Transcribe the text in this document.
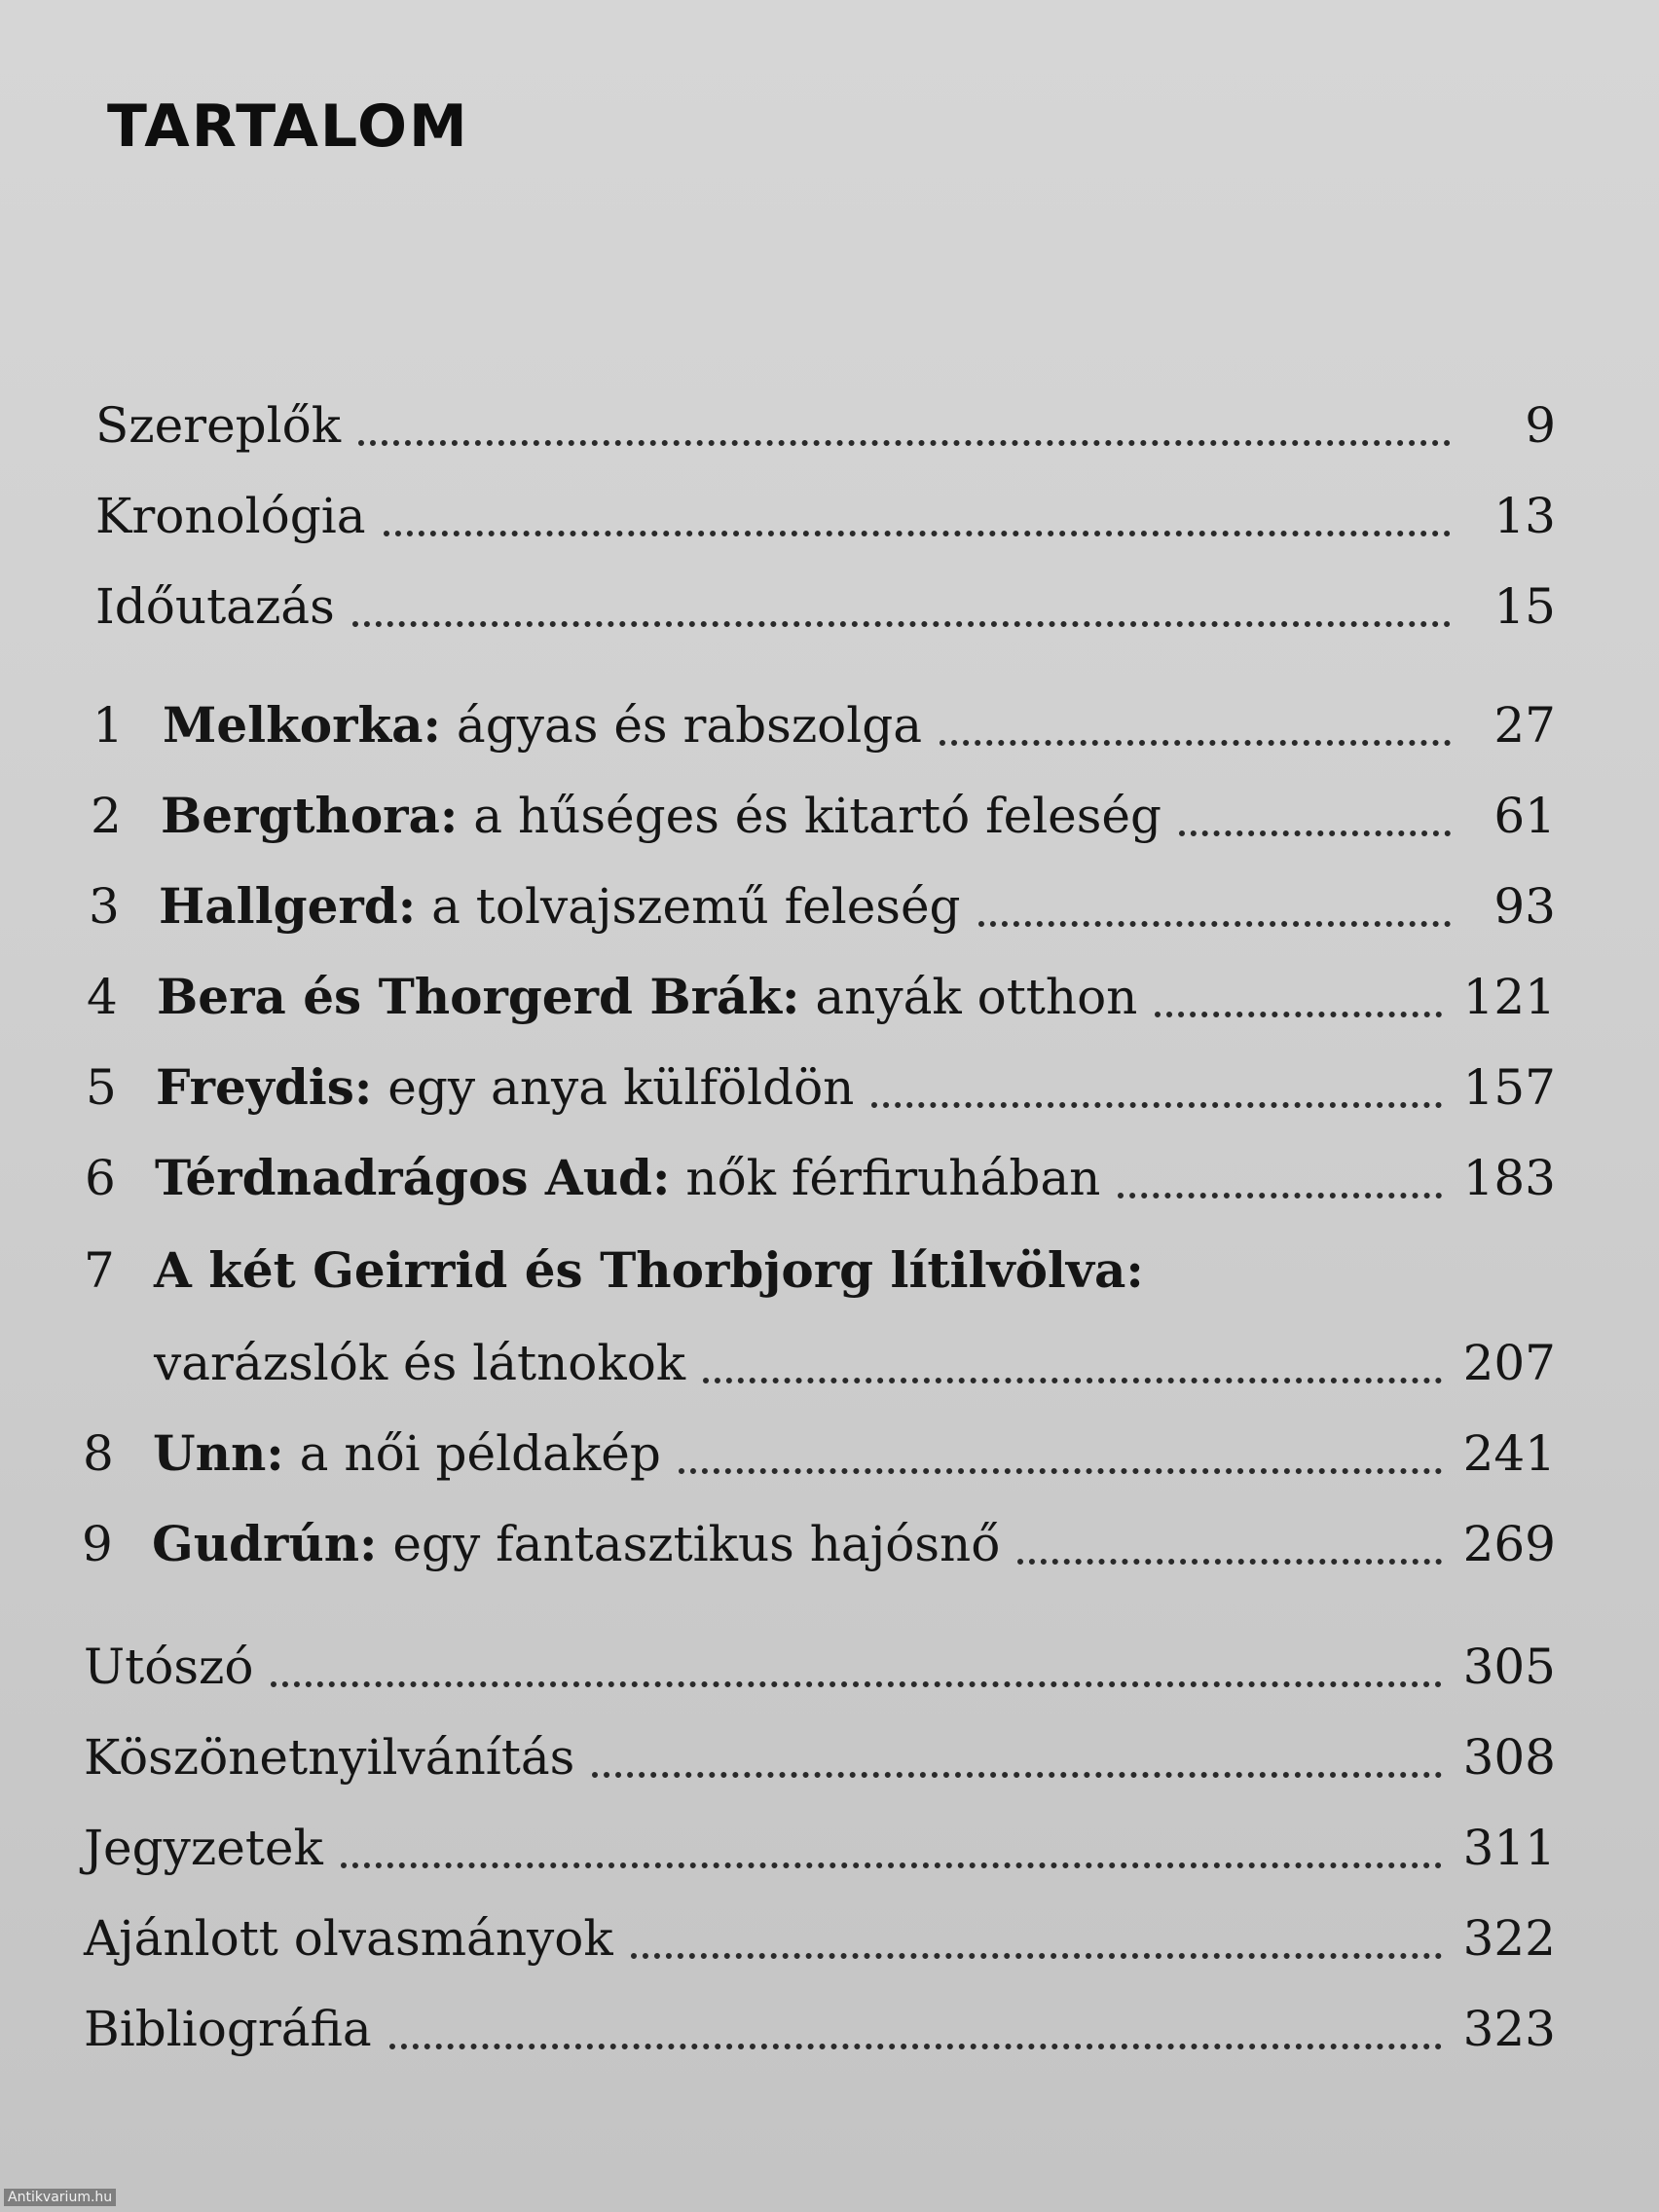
TARTALOM
Szereplők	9
Kronológia	13
Időutazás	15
1 Melkorka: ágyas és rabszolga	27
2 Bergthora: a hűséges és kitartó feleség	61
3 Hallgerd: a tolvajszemű feleség	93
4 Bera és Thorgerd Brák: anyák otthon	121
5 Freydis: egy anya külföldön	157
6 Térdnadrágos Aud: nők férfiruhában	183
7 A két Geirrid és Thorbjorg lítilvölva:
varázslók és látnokok	207
8 Unn: a női példakép	241
9 Gudrún: egy fantasztikus hajósnő	269
Utószó	305
Köszönetnyilvánítás	308
Jegyzetek	311
Ajánlott olvasmányok	322
Bibliográfia	323
Antikvarium.hu
